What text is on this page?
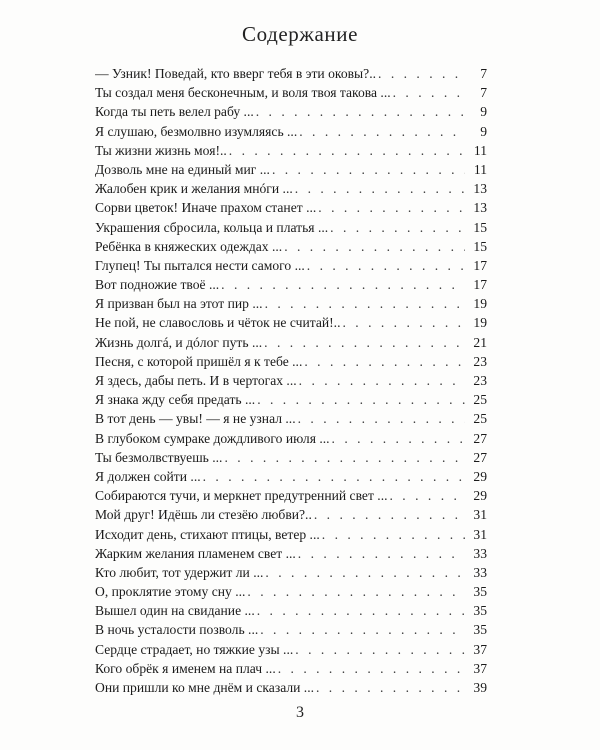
Содержание
— Узник! Поведай, кто вверг тебя в эти оковы?.. . . .	7
Ты создал меня бесконечным, и воля твоя такова ... . . .	7
Когда ты петь велел рабу ... . . .	9
Я слушаю, безмолвно изумляясь ... . . .	9
Ты жизни жизнь моя!.. . . .	11
Дозволь мне на единый миг ... . . .	11
Жалобен крик и желания мнóги ... . . .	13
Сорви цветок! Иначе прахом станет ... . . .	13
Украшения сбросила, кольца и платья ... . . .	15
Ребёнка в княжеских одеждах ... . . .	15
Глупец! Ты пытался нести самого ... . . .	17
Вот подножие твоё ... . . .	17
Я призван был на этот пир ... . . .	19
Не пой, не славословь и чёток не считай!.. . . .	19
Жизнь долгá, и дóлог путь ... . . .	21
Песня, с которой пришёл я к тебе ... . . .	23
Я здесь, дабы петь. И в чертогах ... . . .	23
Я знака жду себя предать ... . . .	25
В тот день — увы! — я не узнал ... . . .	25
В глубоком сумраке дождливого июля ... . . .	27
Ты безмолвствуешь ... . . .	27
Я должен сойти ... . . .	29
Собираются тучи, и меркнет предутренний свет ... . . .	29
Мой друг! Идёшь ли стезёю любви?.. . . .	31
Исходит день, стихают птицы, ветер ... . . .	31
Жарким желания пламенем свет ... . . .	33
Кто любит, тот удержит ли ... . . .	33
О, проклятие этому сну ... . . .	35
Вышел один на свидание ... . . .	35
В ночь усталости позволь ... . . .	35
Сердце страдает, но тяжкие узы ... . . .	37
Кого обрёк я именем на плач ... . . .	37
Они пришли ко мне днём и сказали ... . . .	39
3
